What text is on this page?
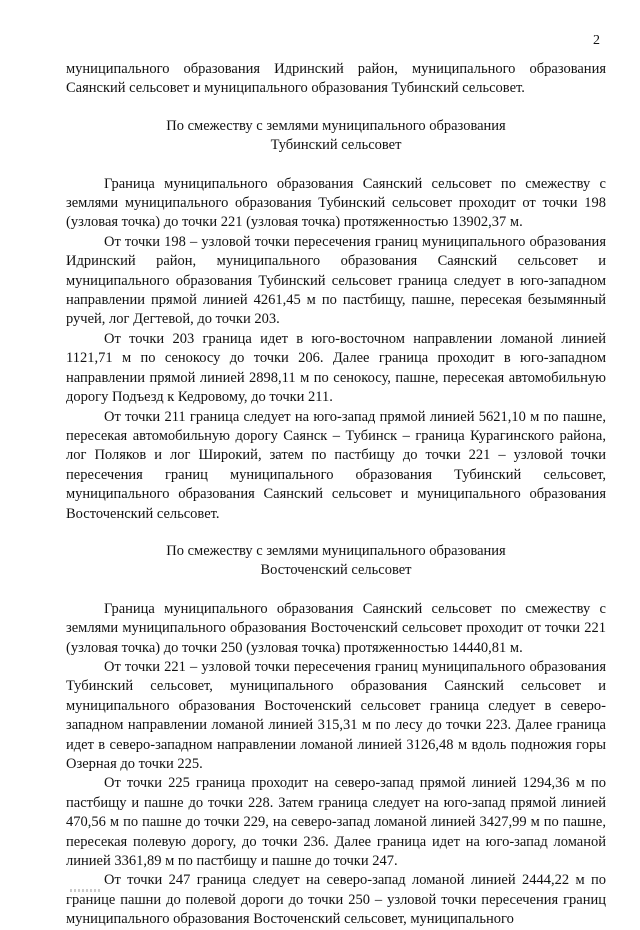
2

муниципального образования Идринский район, муниципального образования Саянский сельсовет и муниципального образования Тубинский сельсовет.

По смежеству с землями муниципального образования
Тубинский сельсовет

Граница муниципального образования Саянский сельсовет по смежеству с землями муниципального образования Тубинский сельсовет проходит от точки 198 (узловая точка) до точки 221 (узловая точка) протяженностью 13902,37 м.

От точки 198 – узловой точки пересечения границ муниципального образования Идринский район, муниципального образования Саянский сельсовет и муниципального образования Тубинский сельсовет граница следует в юго-западном направлении прямой линией 4261,45 м по пастбищу, пашне, пересекая безымянный ручей, лог Дегтевой, до точки 203.

От точки 203 граница идет в юго-восточном направлении ломаной линией 1121,71 м по сенокосу до точки 206. Далее граница проходит в юго-западном направлении прямой линией 2898,11 м по сенокосу, пашне, пересекая автомобильную дорогу Подъезд к Кедровому, до точки 211.

От точки 211 граница следует на юго-запад прямой линией 5621,10 м по пашне, пересекая автомобильную дорогу Саянск – Тубинск – граница Курагинского района, лог Поляков и лог Широкий, затем по пастбищу до точки 221 – узловой точки пересечения границ муниципального образования Тубинский сельсовет, муниципального образования Саянский сельсовет и муниципального образования Восточенский сельсовет.

По смежеству с землями муниципального образования
Восточенский сельсовет

Граница муниципального образования Саянский сельсовет по смежеству с землями муниципального образования Восточенский сельсовет проходит от точки 221 (узловая точка) до точки 250 (узловая точка) протяженностью 14440,81 м.

От точки 221 – узловой точки пересечения границ муниципального образования Тубинский сельсовет, муниципального образования Саянский сельсовет и муниципального образования Восточенский сельсовет граница следует в северо-западном направлении ломаной линией 315,31 м по лесу до точки 223. Далее граница идет в северо-западном направлении ломаной линией 3126,48 м вдоль подножия горы Озерная до точки 225.

От точки 225 граница проходит на северо-запад прямой линией 1294,36 м по пастбищу и пашне до точки 228. Затем граница следует на юго-запад прямой линией 470,56 м по пашне до точки 229, на северо-запад ломаной линией 3427,99 м по пашне, пересекая полевую дорогу, до точки 236. Далее граница идет на юго-запад ломаной линией 3361,89 м по пастбищу и пашне до точки 247.

От точки 247 граница следует на северо-запад ломаной линией 2444,22 м по границе пашни до полевой дороги до точки 250 – узловой точки пересечения границ муниципального образования Восточенский сельсовет, муниципального
